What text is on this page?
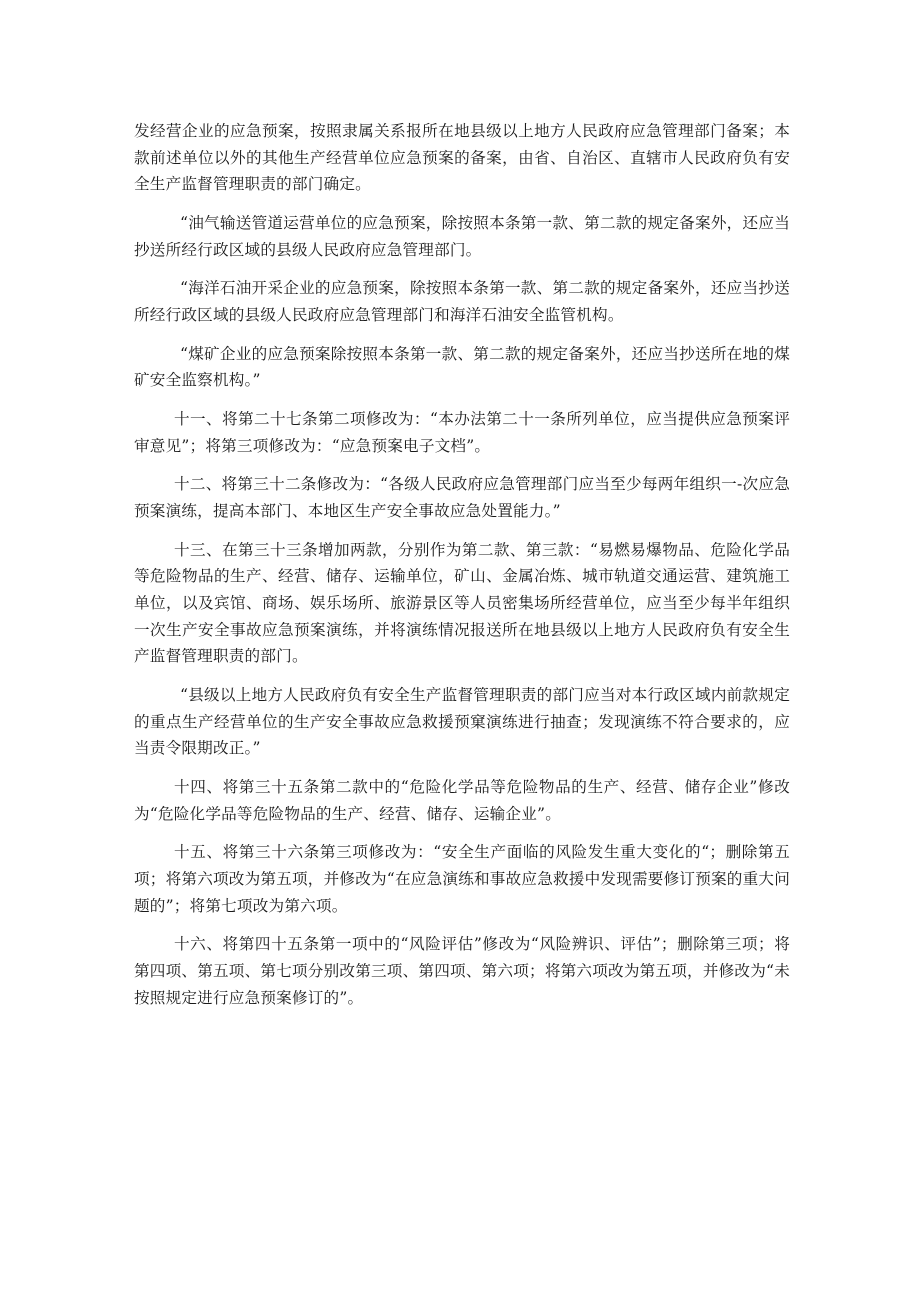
发经营企业的应急预案，按照隶属关系报所在地县级以上地方人民政府应急管理部门备案；本款前述单位以外的其他生产经营单位应急预案的备案，由省、自治区、直辖市人民政府负有安全生产监督管理职责的部门确定。

“油气输送管道运营单位的应急预案，除按照本条第一款、第二款的规定备案外，还应当抄送所经行政区域的县级人民政府应急管理部门。

“海洋石油开采企业的应急预案，除按照本条第一款、第二款的规定备案外，还应当抄送所经行政区域的县级人民政府应急管理部门和海洋石油安全监管机构。

“煤矿企业的应急预案除按照本条第一款、第二款的规定备案外，还应当抄送所在地的煤矿安全监察机构。”

十一、将第二十七条第二项修改为：“本办法第二十一条所列单位，应当提供应急预案评审意见”；将第三项修改为：“应急预案电子文档”。

十二、将第三十二条修改为：“各级人民政府应急管理部门应当至少每两年组织一-次应急预案演练，提高本部门、本地区生产安全事故应急处置能力。”

十三、在第三十三条增加两款，分别作为第二款、第三款：“易燃易爆物品、危险化学品等危险物品的生产、经营、储存、运输单位，矿山、金属冶炼、城市轨道交通运营、建筑施工单位，以及宾馆、商场、娱乐场所、旅游景区等人员密集场所经营单位，应当至少每半年组织一次生产安全事故应急预案演练，并将演练情况报送所在地县级以上地方人民政府负有安全生产监督管理职责的部门。

“县级以上地方人民政府负有安全生产监督管理职责的部门应当对本行政区域内前款规定的重点生产经营单位的生产安全事故应急救援预窠演练进行抽查；发现演练不符合要求的，应当责令限期改正。”

十四、将第三十五条第二款中的“危险化学品等危险物品的生产、经营、储存企业”修改为“危险化学品等危险物品的生产、经营、储存、运输企业”。

十五、将第三十六条第三项修改为：“安全生产面临的风险发生重大变化的“；删除第五项；将第六项改为第五项，并修改为“在应急演练和事故应急救援中发现需要修订预案的重大问题的”；将第七项改为第六项。

十六、将第四十五条第一项中的“风险评估”修改为“风险辨识、评估”；删除第三项；将第四项、第五项、第七项分别改第三项、第四项、第六项；将第六项改为第五项，并修改为“未按照规定进行应急预案修订的”。
